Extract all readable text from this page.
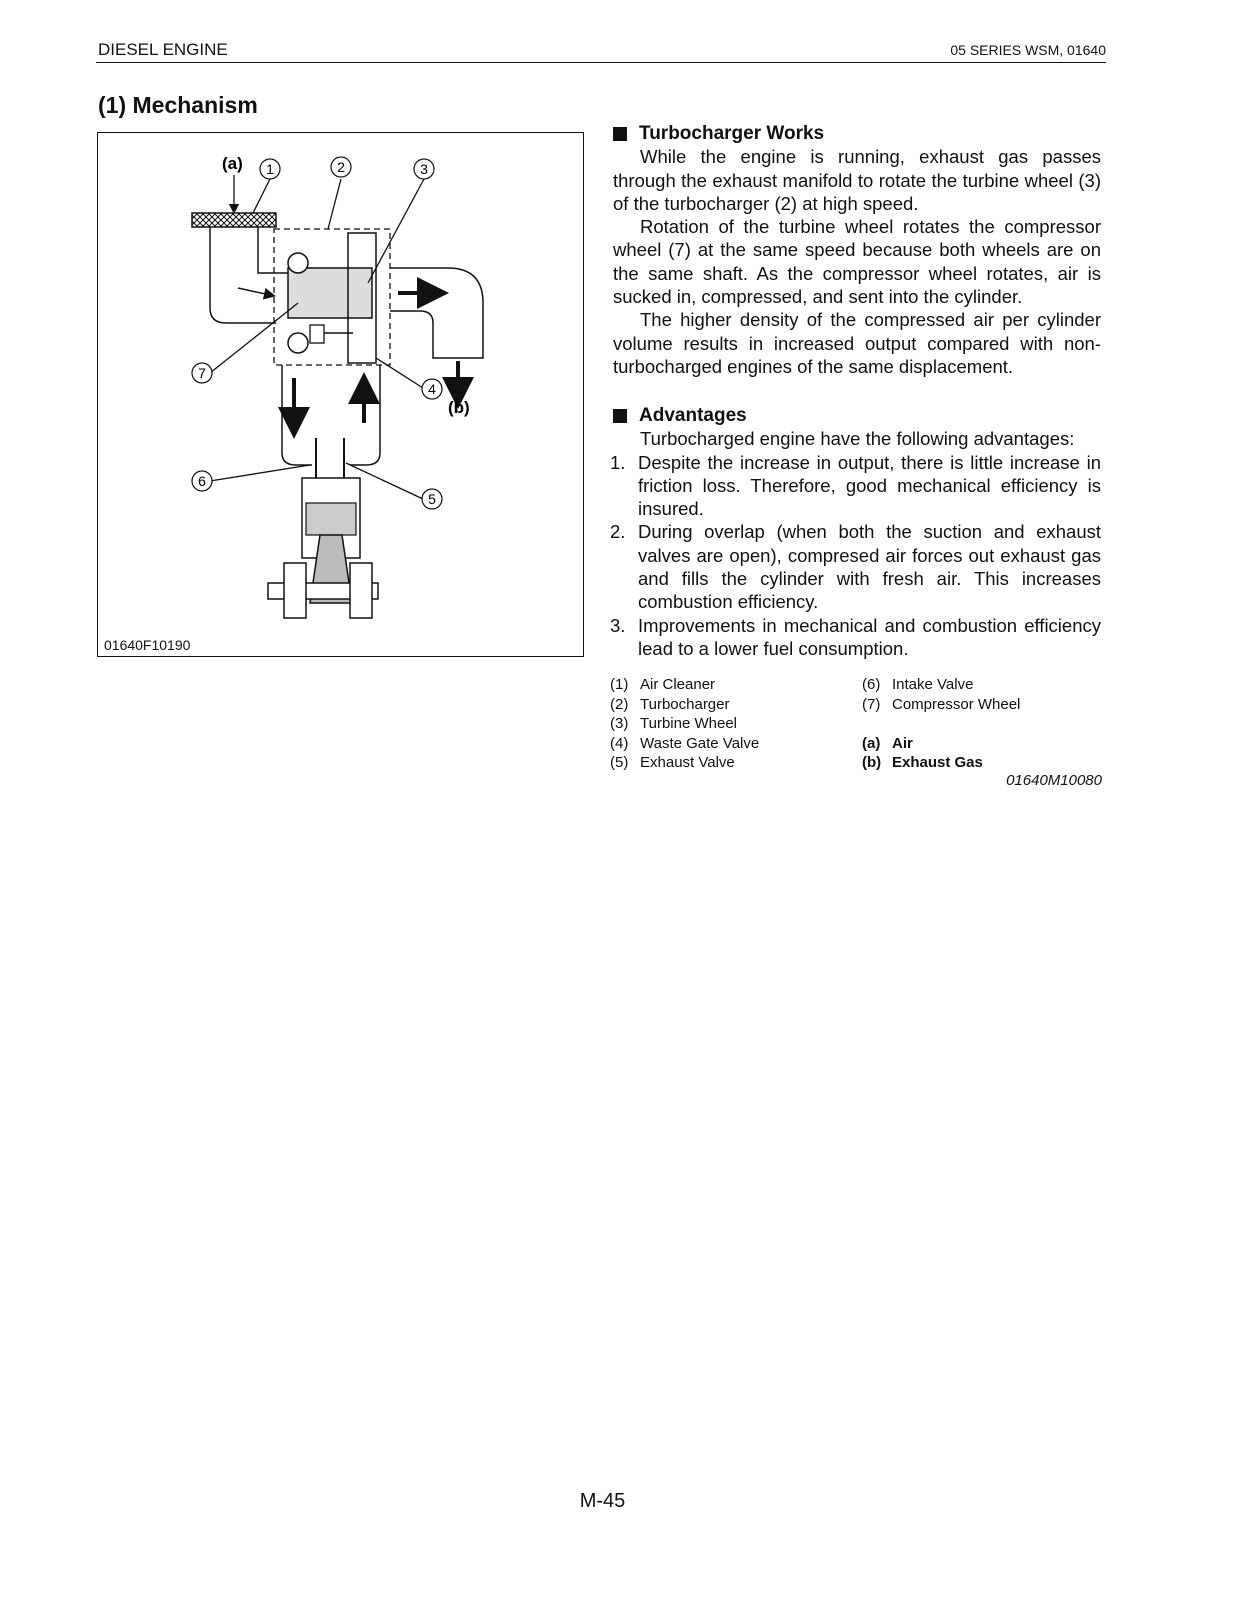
DIESEL ENGINE	05 SERIES WSM, 01640
(1) Mechanism
1	2	3
4
5
6
7
(a)
(b)
01640F10190
Turbocharger Works
While the engine is running, exhaust gas passes through the exhaust manifold to rotate the turbine wheel (3) of the turbocharger (2) at high speed.
Rotation of the turbine wheel rotates the compressor wheel (7) at the same speed because both wheels are on the same shaft. As the compressor wheel rotates, air is sucked in, compressed, and sent into the cylinder.
The higher density of the compressed air per cylinder volume results in increased output compared with non-turbocharged engines of the same displacement.
Advantages
Turbocharged engine have the following advantages:
1. Despite the increase in output, there is little increase in friction loss. Therefore, good mechanical efficiency is insured.
2. During overlap (when both the suction and exhaust valves are open), compresed air forces out exhaust gas and fills the cylinder with fresh air. This increases combustion efficiency.
3. Improvements in mechanical and combustion efficiency lead to a lower fuel consumption.
(1) Air Cleaner
(2) Turbocharger
(3) Turbine Wheel
(4) Waste Gate Valve
(5) Exhaust Valve
(6) Intake Valve
(7) Compressor Wheel
(a) Air
(b) Exhaust Gas
01640M10080
M-45
